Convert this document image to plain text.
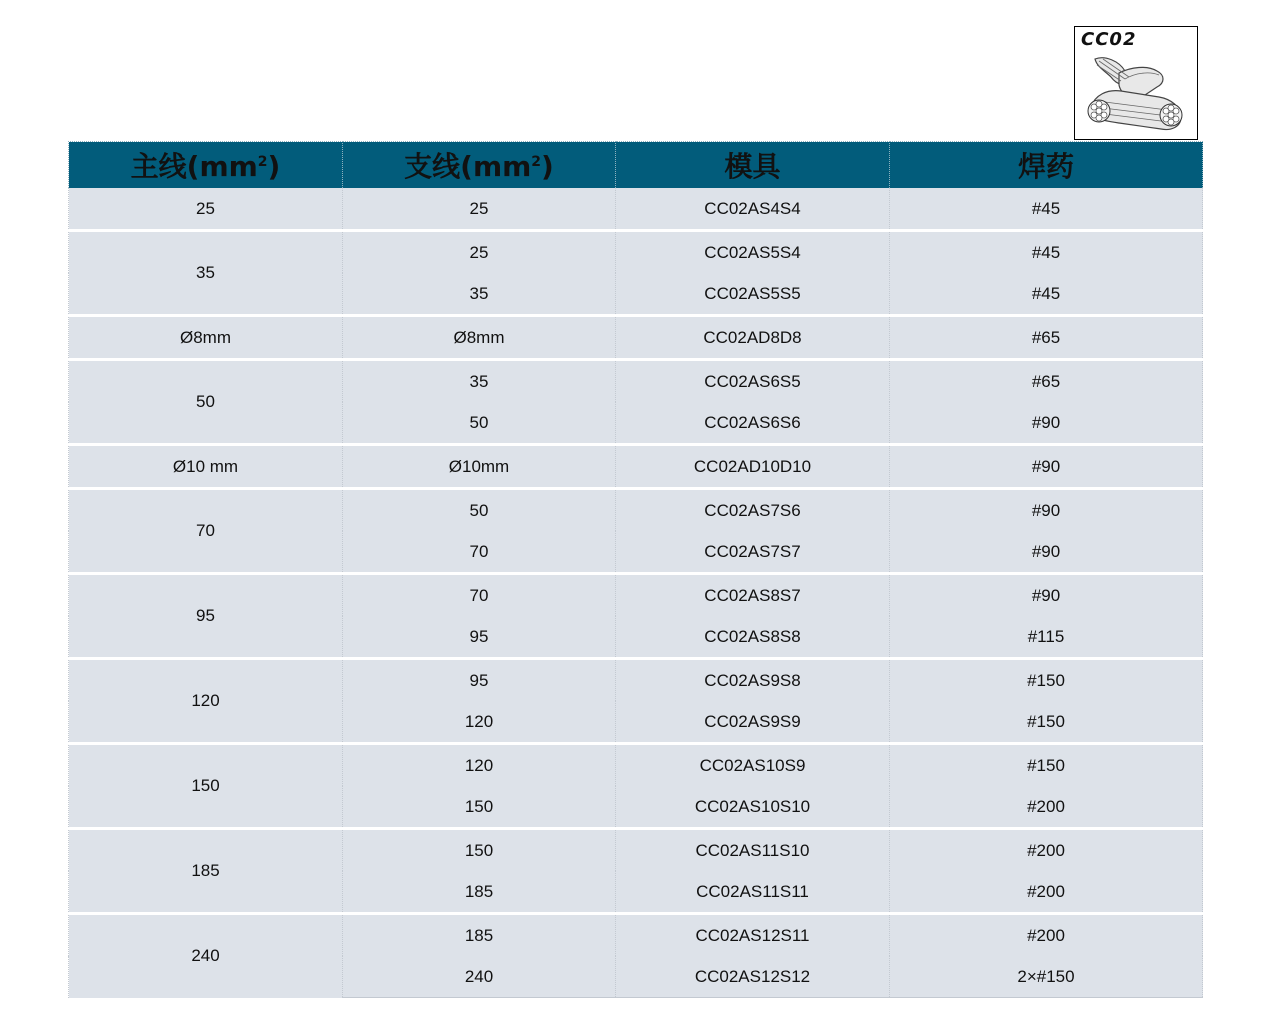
CC02
主线$(mm^2)$	支线$(mm^2)$	模具	焊药
25	25	CC02AS4S4	#45
35	25	CC02AS5S4	#45
	35	CC02AS5S5	#45
Ø8mm	Ø8mm	CC02AD8D8	#65
50	35	CC02AS6S5	#65
	50	CC02AS6S6	#90
Ø10 mm	Ø10mm	CC02AD10D10	#90
70	50	CC02AS7S6	#90
	70	CC02AS7S7	#90
95	70	CC02AS8S7	#90
	95	CC02AS8S8	#115
120	95	CC02AS9S8	#150
	120	CC02AS9S9	#150
150	120	CC02AS10S9	#150
	150	CC02AS10S10	#200
185	150	CC02AS11S10	#200
	185	CC02AS11S11	#200
240	185	CC02AS12S11	#200
	240	CC02AS12S12	2×#150
